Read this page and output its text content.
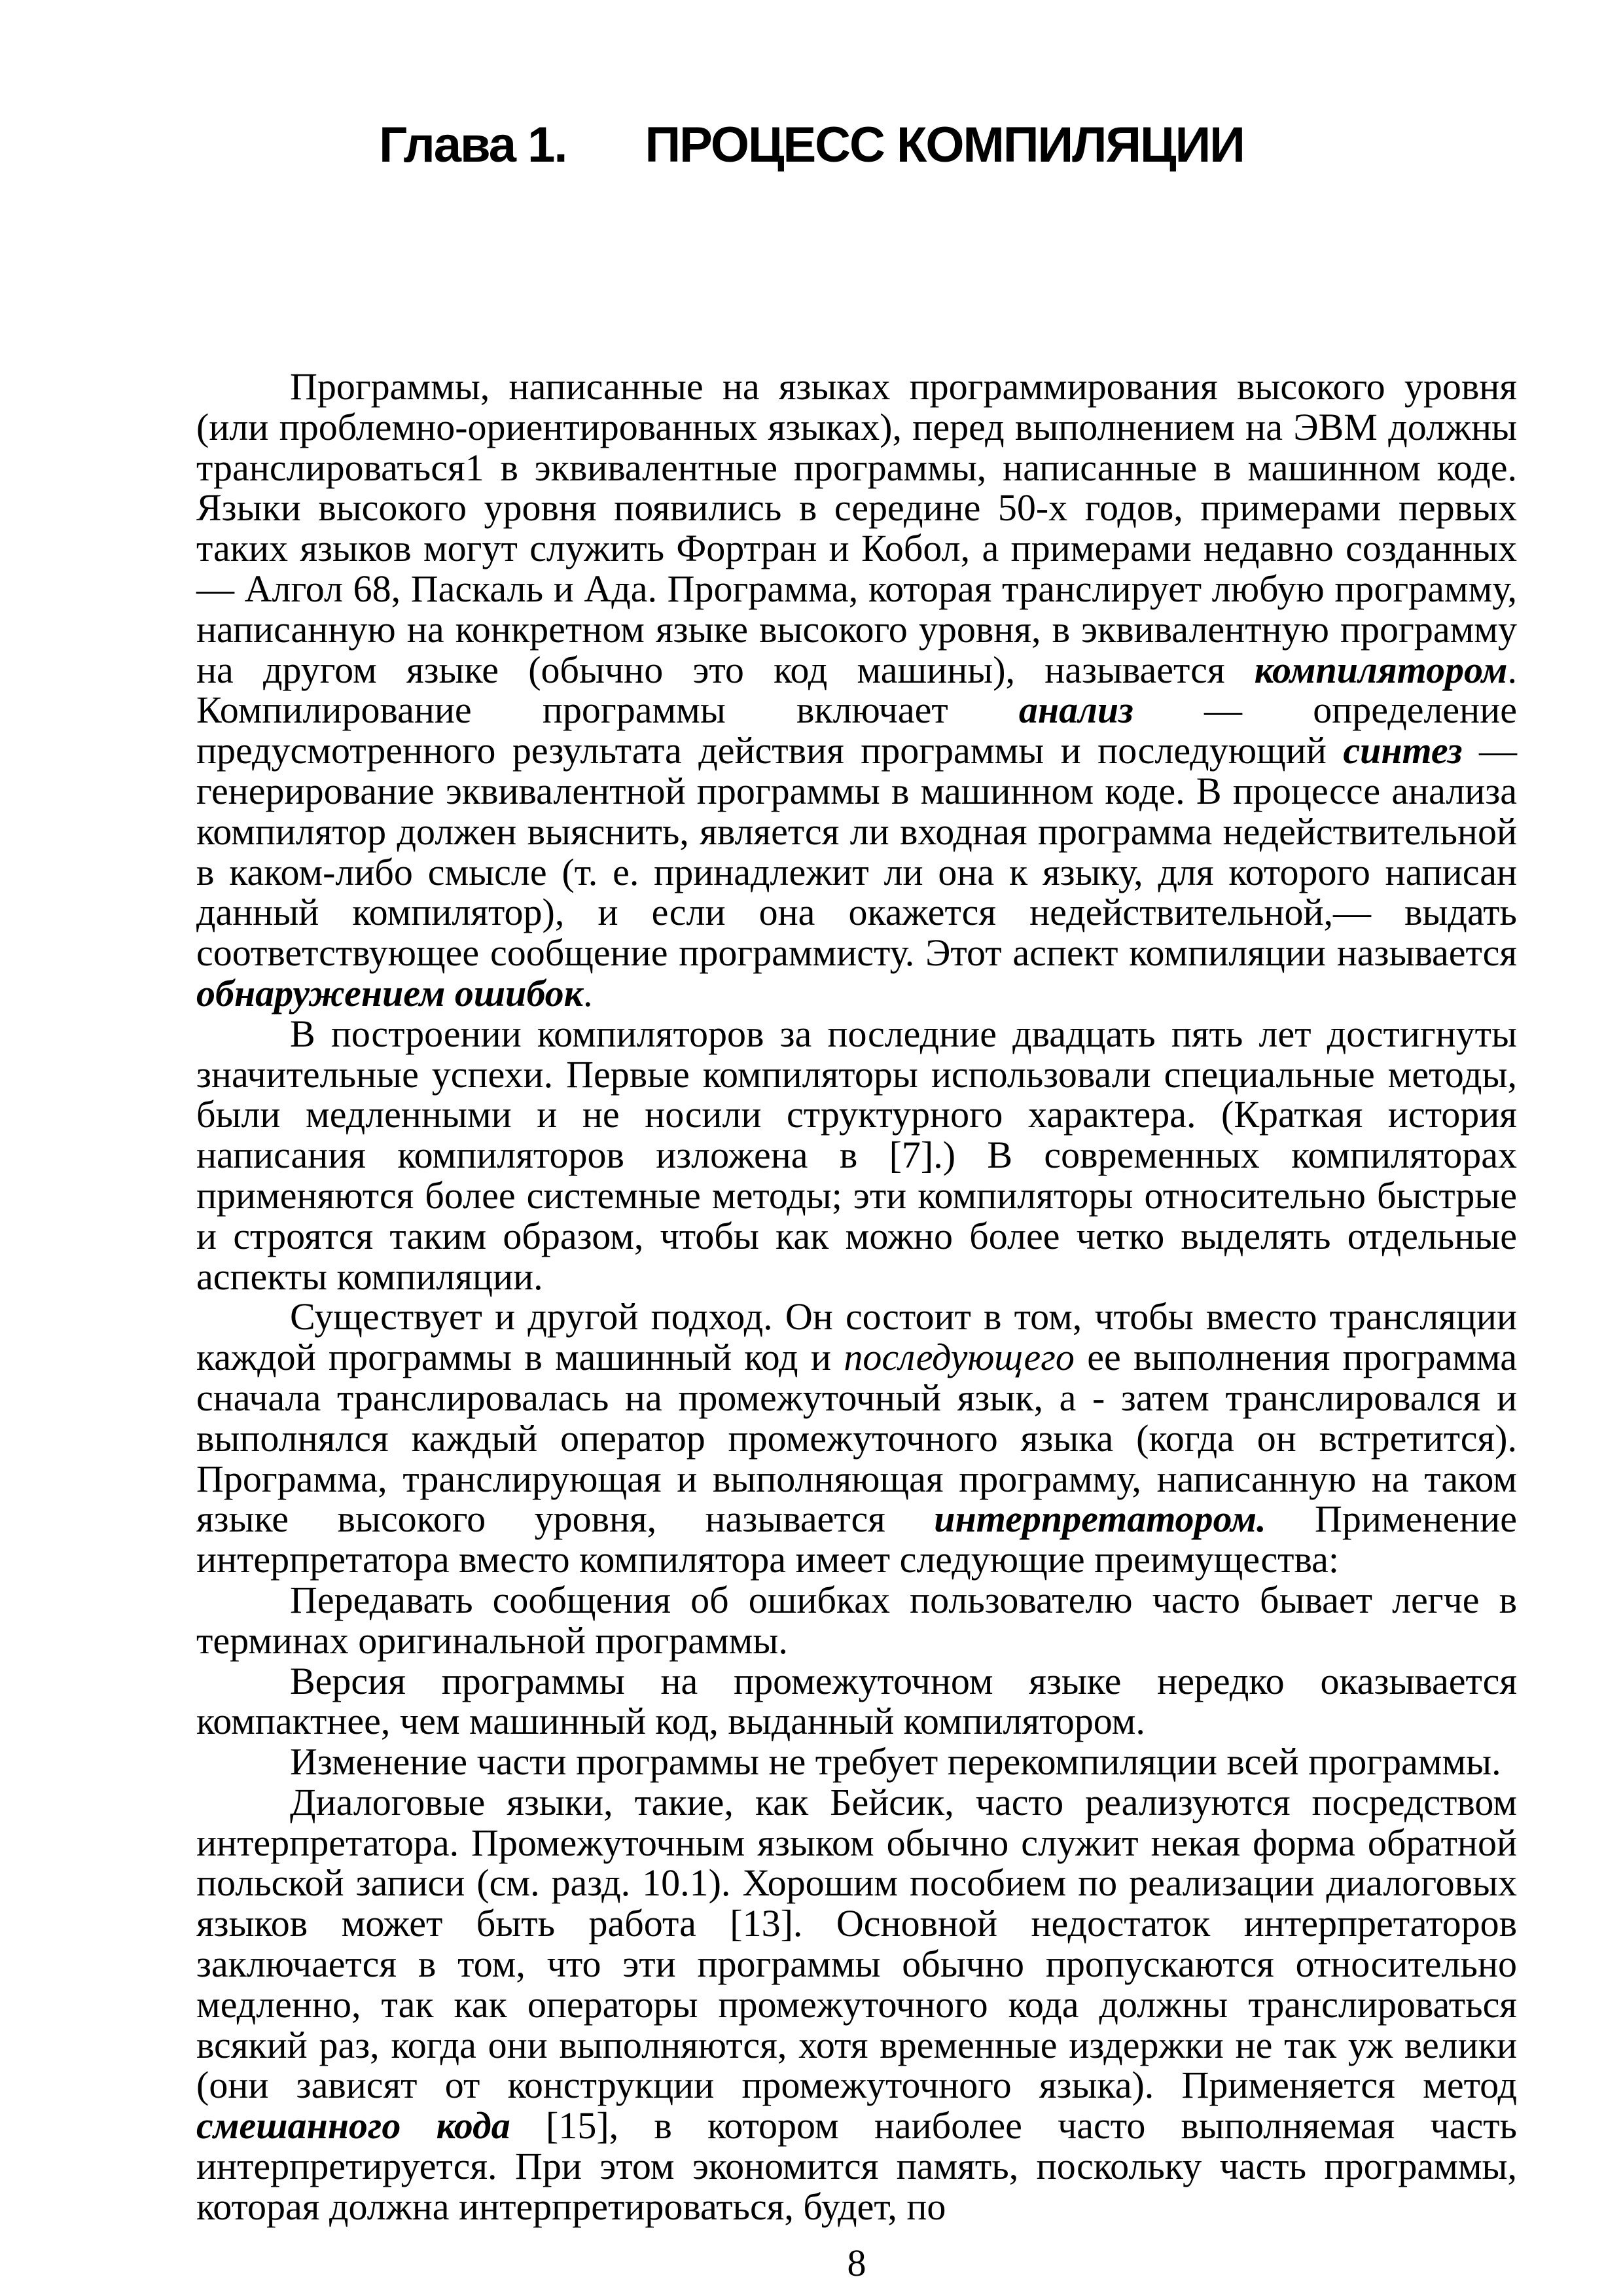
Глава 1. ПРОЦЕСС КОМПИЛЯЦИИ

Программы, написанные на языках программирования высокого уровня (или проблемно-ориентированных языках), перед выполнением на ЭВМ должны транслироваться1 в эквивалентные программы, написанные в машинном коде. Языки высокого уровня появились в середине 50-х годов, примерами первых таких языков могут служить Фортран и Кобол, а примерами недавно созданных — Алгол 68, Паскаль и Ада. Программа, которая транслирует любую программу, написанную на конкретном языке высокого уровня, в эквивалентную программу на другом языке (обычно это код машины), называется компилятором. Компилирование программы включает анализ — определение предусмотренного результата действия программы и последующий синтез — генерирование эквивалентной программы в машинном коде. В процессе анализа компилятор должен выяснить, является ли входная программа недействительной в каком-либо смысле (т. е. принадлежит ли она к языку, для которого написан данный компилятор), и если она окажется недействительной,— выдать соответствующее сообщение программисту. Этот аспект компиляции называется обнаружением ошибок.

В построении компиляторов за последние двадцать пять лет достигнуты значительные успехи. Первые компиляторы использовали специальные методы, были медленными и не носили структурного характера. (Краткая история написания компиляторов изложена в [7].) В современных компиляторах применяются более системные методы; эти компиляторы относительно быстрые и строятся таким образом, чтобы как можно более четко выделять отдельные аспекты компиляции.

Существует и другой подход. Он состоит в том, чтобы вместо трансляции каждой программы в машинный код и последующего ее выполнения программа сначала транслировалась на промежуточный язык, а - затем транслировался и выполнялся каждый оператор промежуточного языка (когда он встретится). Программа, транслирующая и выполняющая программу, написанную на таком языке высокого уровня, называется интерпретатором. Применение интерпретатора вместо компилятора имеет следующие преимущества:

Передавать сообщения об ошибках пользователю часто бывает легче в терминах оригинальной программы.

Версия программы на промежуточном языке нередко оказывается компактнее, чем машинный код, выданный компилятором.

Изменение части программы не требует перекомпиляции всей программы.

Диалоговые языки, такие, как Бейсик, часто реализуются посредством интерпретатора. Промежуточным языком обычно служит некая форма обратной польской записи (см. разд. 10.1). Хорошим пособием по реализации диалоговых языков может быть работа [13]. Основной недостаток интерпретаторов заключается в том, что эти программы обычно пропускаются относительно медленно, так как операторы промежуточного кода должны транслироваться всякий раз, когда они выполняются, хотя временные издержки не так уж велики (они зависят от конструкции промежуточного языка). Применяется метод смешанного кода [15], в котором наиболее часто выполняемая часть интерпретируется. При этом экономится память, поскольку часть программы, которая должна интерпретироваться, будет, по

8
